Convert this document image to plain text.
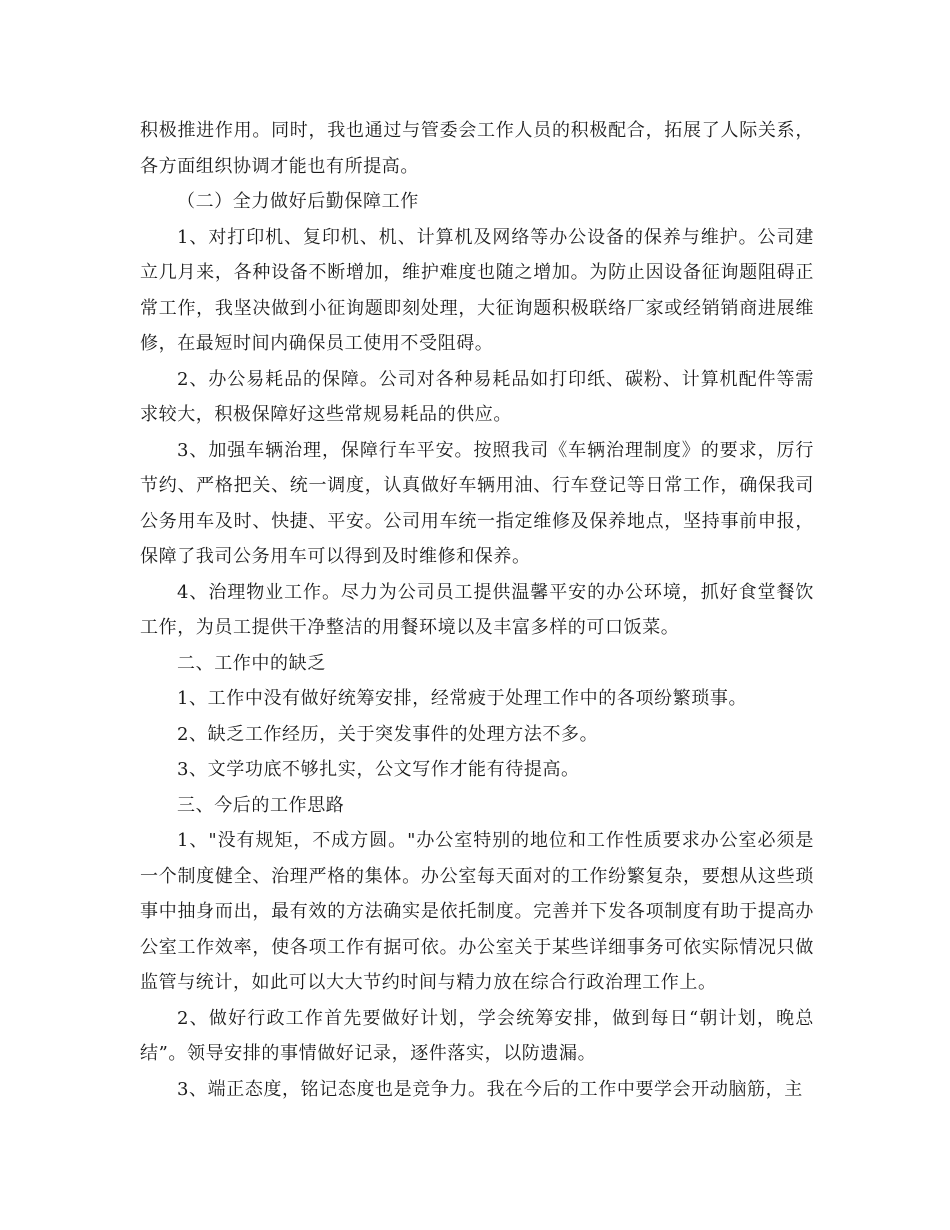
积极推进作用。同时，我也通过与管委会工作人员的积极配合，拓展了人际关系，各方面组织协调才能也有所提高。

（二）全力做好后勤保障工作

1、对打印机、复印机、机、计算机及网络等办公设备的保养与维护。公司建立几月来，各种设备不断增加，维护难度也随之增加。为防止因设备征询题阻碍正常工作，我坚决做到小征询题即刻处理，大征询题积极联络厂家或经销销商进展维修，在最短时间内确保员工使用不受阻碍。

2、办公易耗品的保障。公司对各种易耗品如打印纸、碳粉、计算机配件等需求较大，积极保障好这些常规易耗品的供应。

3、加强车辆治理，保障行车平安。按照我司《车辆治理制度》的要求，厉行节约、严格把关、统一调度，认真做好车辆用油、行车登记等日常工作，确保我司公务用车及时、快捷、平安。公司用车统一指定维修及保养地点，坚持事前申报，保障了我司公务用车可以得到及时维修和保养。

4、治理物业工作。尽力为公司员工提供温馨平安的办公环境，抓好食堂餐饮工作，为员工提供干净整洁的用餐环境以及丰富多样的可口饭菜。

二、工作中的缺乏

1、工作中没有做好统筹安排，经常疲于处理工作中的各项纷繁琐事。

2、缺乏工作经历，关于突发事件的处理方法不多。

3、文学功底不够扎实，公文写作才能有待提高。

三、今后的工作思路

1、"没有规矩，不成方圆。"办公室特别的地位和工作性质要求办公室必须是一个制度健全、治理严格的集体。办公室每天面对的工作纷繁复杂，要想从这些琐事中抽身而出，最有效的方法确实是依托制度。完善并下发各项制度有助于提高办公室工作效率，使各项工作有据可依。办公室关于某些详细事务可依实际情况只做监管与统计，如此可以大大节约时间与精力放在综合行政治理工作上。

2、做好行政工作首先要做好计划，学会统筹安排，做到每日“朝计划，晚总结”。领导安排的事情做好记录，逐件落实，以防遗漏。

3、端正态度，铭记态度也是竞争力。我在今后的工作中要学会开动脑筋，主
